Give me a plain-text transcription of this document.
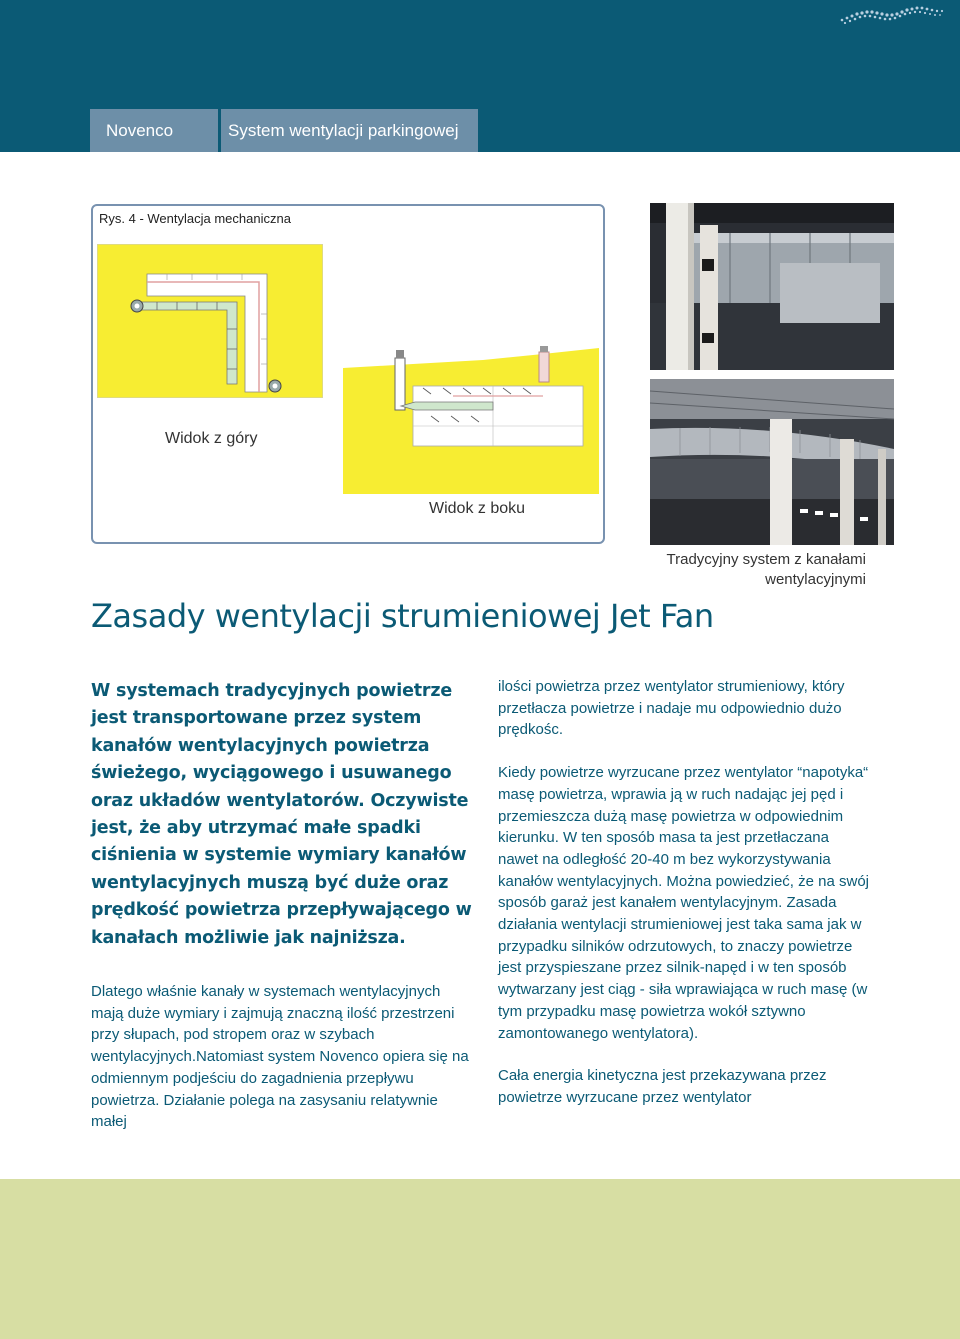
Novenco	System wentylacji parkingowej
Rys. 4 - Wentylacja mechaniczna
Widok z góry
Widok z boku
Tradycyjny system z kanałami wentylacyjnymi
Zasady wentylacji strumieniowej Jet Fan

W systemach tradycyjnych powietrze jest transportowane przez system kanałów wentylacyjnych powietrza świeżego, wyciągowego i usuwanego oraz układów wentylatorów. Oczywiste jest, że aby utrzymać małe spadki ciśnienia w systemie wymiary kanałów wentylacyjnych muszą być duże oraz prędkość powietrza przepływającego w kanałach możliwie jak najniższa.

Dlatego właśnie kanały w systemach wentylacyjnych mają duże wymiary i zajmują znaczną ilość przestrzeni przy słupach, pod stropem oraz w szybach wentylacyjnych.Natomiast system Novenco opiera się na odmiennym podjeściu do zagadnienia przepływu powietrza. Działanie polega na zasysaniu relatywnie małej

ilości powietrza przez wentylator strumieniowy, który przetłacza powietrze i nadaje mu odpowiednio dużo prędkośc.

Kiedy powietrze wyrzucane przez wentylator “napotyka“ masę powietrza, wprawia ją w ruch nadając jej pęd i przemieszcza dużą masę powietrza w odpowiednim kierunku. W ten sposób masa ta jest przetłaczana nawet na odległość 20-40 m bez wykorzystywania kanałów wentylacyjnych. Można powiedzieć, że na swój sposób garaż jest kanałem wentylacyjnym. Zasada działania wentylacji strumieniowej jest taka sama jak w przypadku silników odrzutowych, to znaczy powietrze jest przyspieszane przez silnik-napęd i w ten sposób wytwarzany jest ciąg - siła wprawiająca w ruch masę (w tym przypadku masę powietrza wokół sztywno zamontowanego wentylatora).

Cała energia kinetyczna jest przekazywana przez powietrze wyrzucane przez wentylator
